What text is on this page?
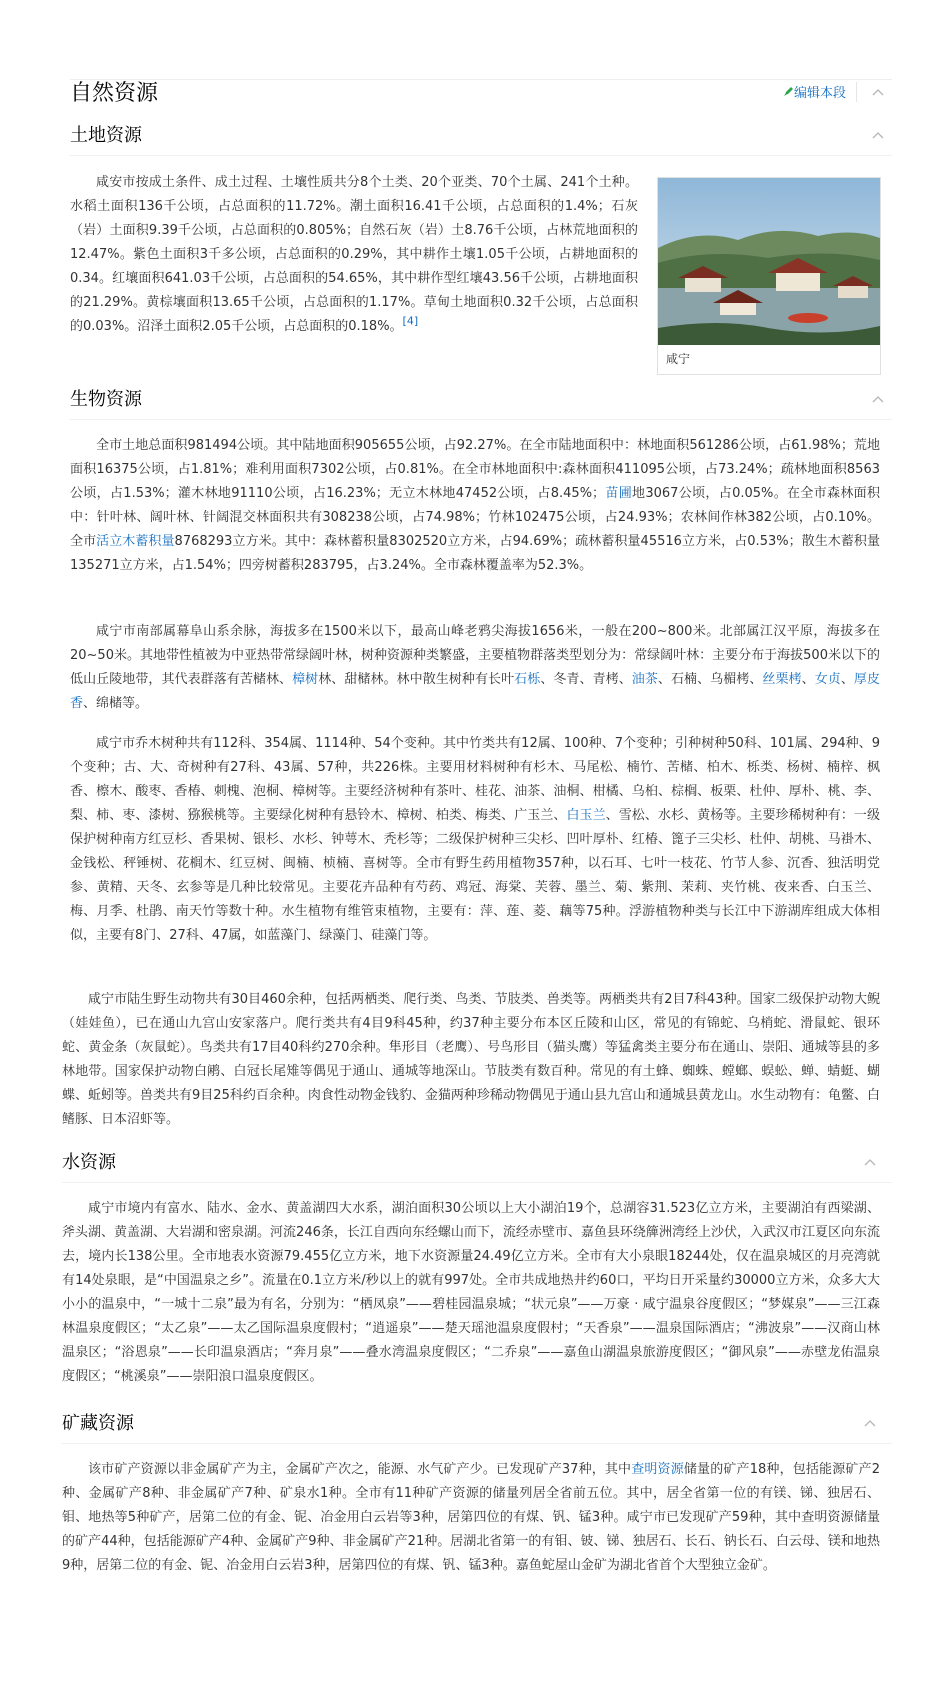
自然资源	编辑本段
土地资源

咸安市按成土条件、成土过程、土壤性质共分8个土类、20个亚类、70个土属、241个土种。水稻土面积136千公顷，占总面积的11.72%。潮土面积16.41千公顷，占总面积的1.4%；石灰（岩）土面积9.39千公顷，占总面积的0.805%；自然石灰（岩）土8.76千公顷，占林荒地面积的12.47%。紫色土面积3千多公顷，占总面积的0.29%，其中耕作土壤1.05千公顷，占耕地面积的0.34。红壤面积641.03千公顷，占总面积的54.65%，其中耕作型红壤43.56千公顷，占耕地面积的21.29%。黄棕壤面积13.65千公顷，占总面积的1.17%。草甸土地面积0.32千公顷，占总面积的0.03%。沼泽土面积2.05千公顷，占总面积的0.18%。[4]

咸宁
生物资源

全市土地总面积981494公顷。其中陆地面积905655公顷，占92.27%。在全市陆地面积中：林地面积561286公顷，占61.98%；荒地面积16375公顷，占1.81%；难利用面积7302公顷，占0.81%。在全市林地面积中:森林面积411095公顷，占73.24%；疏林地面积8563公顷，占1.53%；灌木林地91110公顷，占16.23%；无立木林地47452公顷，占8.45%；苗圃地3067公顷，占0.05%。在全市森林面积中：针叶林、阔叶林、针阔混交林面积共有308238公顷，占74.98%；竹林102475公顷，占24.93%；农林间作林382公顷，占0.10%。全市活立木蓄积量8768293立方米。其中：森林蓄积量8302520立方米，占94.69%；疏林蓄积量45516立方米，占0.53%；散生木蓄积量135271立方米，占1.54%；四旁树蓄积283795，占3.24%。全市森林覆盖率为52.3%。

咸宁市南部属幕阜山系余脉，海拔多在1500米以下，最高山峰老鸦尖海拔1656米，一般在200~800米。北部属江汉平原，海拔多在20~50米。其地带性植被为中亚热带常绿阔叶林，树种资源种类繁盛，主要植物群落类型划分为：常绿阔叶林：主要分布于海拔500米以下的低山丘陵地带，其代表群落有苦槠林、樟树林、甜槠林。林中散生树种有长叶石栎、冬青、青栲、油茶、石楠、乌楣栲、丝栗栲、女贞、厚皮香、绵槠等。

咸宁市乔木树种共有112科、354属、1114种、54个变种。其中竹类共有12属、100种、7个变种；引种树种50科、101属、294种、9个变种；古、大、奇树种有27科、43属、57种，共226株。主要用材料树种有杉木、马尾松、楠竹、苦槠、柏木、栎类、杨树、楠梓、枫香、檫木、酸枣、香椿、刺槐、泡桐、樟树等。主要经济树种有茶叶、桂花、油茶、油桐、柑橘、乌桕、棕榈、板栗、杜仲、厚朴、桃、李、梨、柿、枣、漆树、猕猴桃等。主要绿化树种有悬铃木、樟树、柏类、梅类、广玉兰、白玉兰、雪松、水杉、黄杨等。主要珍稀树种有：一级保护树种南方红豆杉、香果树、银杉、水杉、钟萼木、秃杉等；二级保护树种三尖杉、凹叶厚朴、红椿、篦子三尖杉、杜仲、胡桃、马褂木、金钱松、秤锤树、花榈木、红豆树、闽楠、桢楠、喜树等。全市有野生药用植物357种，以石耳、七叶一枝花、竹节人参、沉香、独活明党参、黄精、天冬、玄参等是几种比较常见。主要花卉品种有芍药、鸡冠、海棠、芙蓉、墨兰、菊、紫荆、茉莉、夹竹桃、夜来香、白玉兰、梅、月季、杜鹃、南天竹等数十种。水生植物有维管束植物，主要有：萍、莲、菱、藕等75种。浮游植物种类与长江中下游湖库组成大体相似，主要有8门、27科、47属，如蓝藻门、绿藻门、硅藻门等。

咸宁市陆生野生动物共有30目460余种，包括两栖类、爬行类、鸟类、节肢类、兽类等。两栖类共有2目7科43种。国家二级保护动物大鲵（娃娃鱼），已在通山九宫山安家落户。爬行类共有4目9科45种，约37种主要分布本区丘陵和山区，常见的有锦蛇、乌梢蛇、滑鼠蛇、银环蛇、黄金条（灰鼠蛇）。鸟类共有17目40科约270余种。隼形目（老鹰）、号鸟形目（猫头鹰）等猛禽类主要分布在通山、崇阳、通城等县的多林地带。国家保护动物白鹇、白冠长尾雉等偶见于通山、通城等地深山。节肢类有数百种。常见的有土蜂、蜘蛛、螳螂、蜈蚣、蝉、蜻蜓、蝴蝶、蚯蚓等。兽类共有9目25科约百余种。肉食性动物金钱豹、金猫两种珍稀动物偶见于通山县九宫山和通城县黄龙山。水生动物有：龟鳖、白鳍豚、日本沼虾等。

水资源

咸宁市境内有富水、陆水、金水、黄盖湖四大水系，湖泊面积30公顷以上大小湖泊19个，总湖容31.523亿立方米，主要湖泊有西梁湖、斧头湖、黄盖湖、大岩湖和密泉湖。河流246条，长江自西向东经螺山而下，流经赤壁市、嘉鱼县环绕簰洲湾经上沙伏，入武汉市江夏区向东流去，境内长138公里。全市地表水资源79.455亿立方米，地下水资源量24.49亿立方米。全市有大小泉眼18244处，仅在温泉城区的月亮湾就有14处泉眼，是“中国温泉之乡”。流量在0.1立方米/秒以上的就有997处。全市共成地热井约60口，平均日开采量约30000立方米，众多大大小小的温泉中，“一城十二泉”最为有名，分别为：“栖凤泉”——碧桂园温泉城；“状元泉”——万豪 · 咸宁温泉谷度假区；“梦媒泉”——三江森林温泉度假区；“太乙泉”——太乙国际温泉度假村；“逍遥泉”——楚天瑶池温泉度假村；“天香泉”——温泉国际酒店；“沸波泉”——汉商山林温泉区；“浴恩泉”——长印温泉酒店；“奔月泉”——叠水湾温泉度假区；“二乔泉”——嘉鱼山湖温泉旅游度假区；“御风泉”——赤壁龙佑温泉度假区；“桃溪泉”——崇阳浪口温泉度假区。

矿藏资源

该市矿产资源以非金属矿产为主，金属矿产次之，能源、水气矿产少。已发现矿产37种，其中查明资源储量的矿产18种，包括能源矿产2种、金属矿产8种、非金属矿产7种、矿泉水1种。全市有11种矿产资源的储量列居全省前五位。其中，居全省第一位的有镁、锑、独居石、钼、地热等5种矿产，居第二位的有金、铌、冶金用白云岩等3种，居第四位的有煤、钒、锰3种。咸宁市已发现矿产59种，其中查明资源储量的矿产44种，包括能源矿产4种、金属矿产9种、非金属矿产21种。居湖北省第一的有钼、铍、锑、独居石、长石、钠长石、白云母、镁和地热9种，居第二位的有金、铌、冶金用白云岩3种，居第四位的有煤、钒、锰3种。嘉鱼蛇屋山金矿为湖北省首个大型独立金矿。
